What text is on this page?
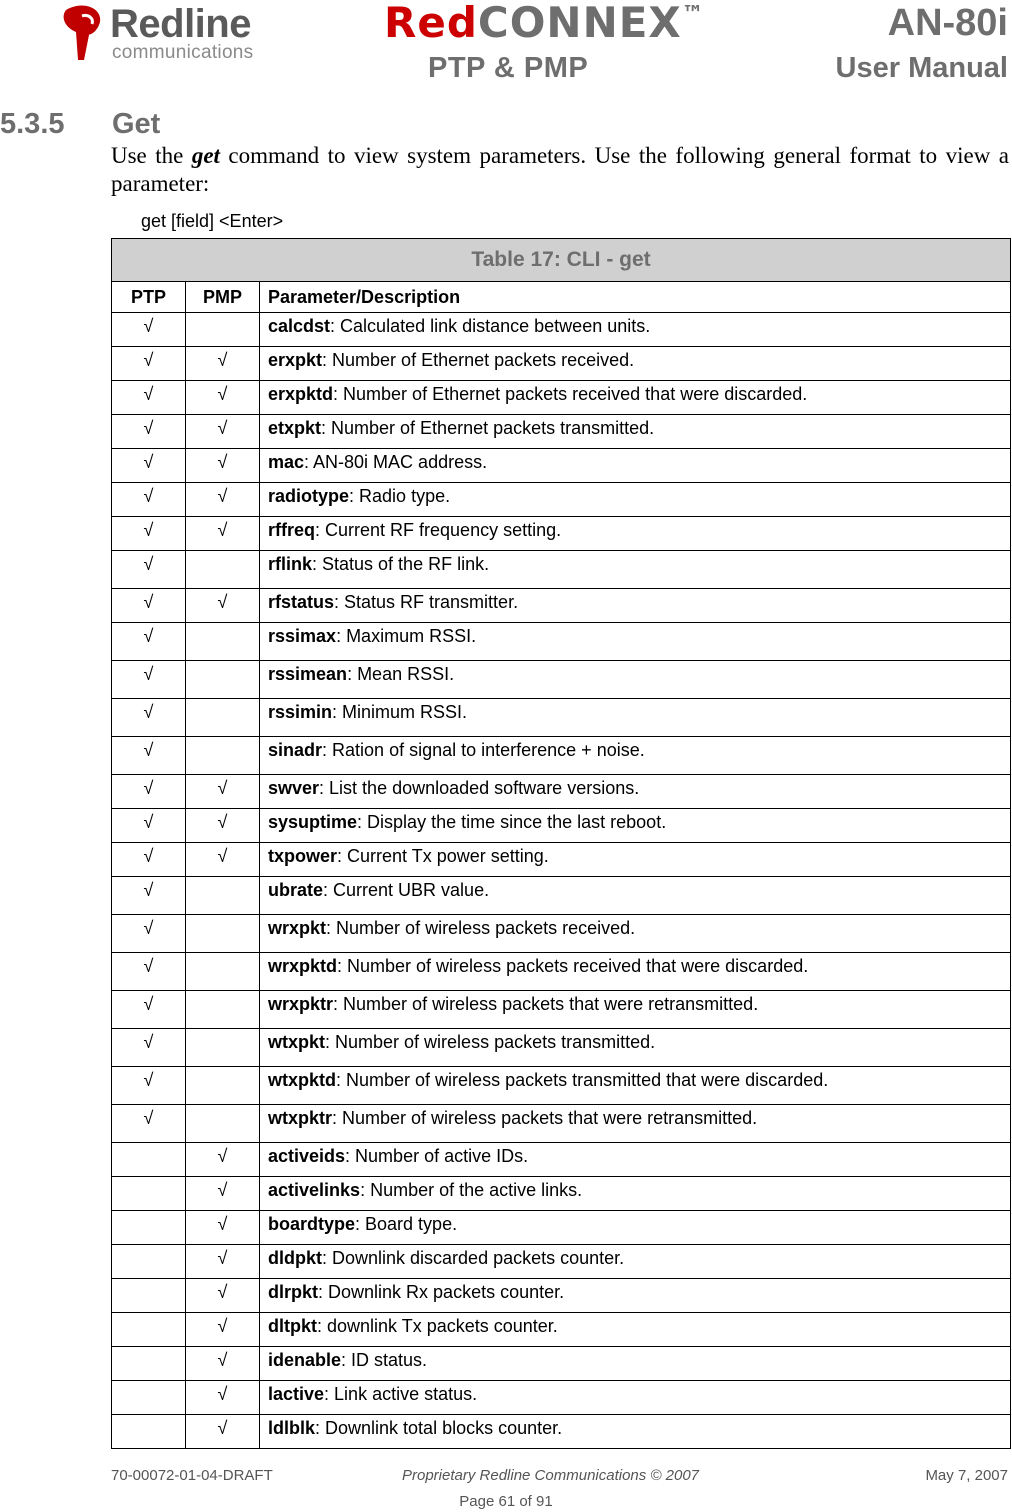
Redline
communications
RedCONNEX™	AN-80i
PTP & PMP	User Manual
5.3.5 Get
Use the get command to view system parameters. Use the following general format to view a parameter:
get [field] <Enter>
Table 17: CLI - get		
PTP	PMP	Parameter/Description
√		calcdst: Calculated link distance between units.
√	√	erxpkt: Number of Ethernet packets received.
√	√	erxpktd: Number of Ethernet packets received that were discarded.
√	√	etxpkt: Number of Ethernet packets transmitted.
√	√	mac: AN-80i MAC address.
√	√	radiotype: Radio type.
√	√	rffreq: Current RF frequency setting.
√		rflink: Status of the RF link.
√	√	rfstatus: Status RF transmitter.
√		rssimax: Maximum RSSI.
√		rssimean: Mean RSSI.
√		rssimin: Minimum RSSI.
√		sinadr: Ration of signal to interference + noise.
√	√	swver: List the downloaded software versions.
√	√	sysuptime: Display the time since the last reboot.
√	√	txpower: Current Tx power setting.
√		ubrate: Current UBR value.
√		wrxpkt: Number of wireless packets received.
√		wrxpktd: Number of wireless packets received that were discarded.
√		wrxpktr: Number of wireless packets that were retransmitted.
√		wtxpkt: Number of wireless packets transmitted.
√		wtxpktd: Number of wireless packets transmitted that were discarded.
√		wtxpktr: Number of wireless packets that were retransmitted.
	√	activeids: Number of active IDs.
	√	activelinks: Number of the active links.
	√	boardtype: Board type.
	√	dldpkt: Downlink discarded packets counter.
	√	dlrpkt: Downlink Rx packets counter.
	√	dltpkt: downlink Tx packets counter.
	√	idenable: ID status.
	√	lactive: Link active status.
	√	ldlblk: Downlink total blocks counter.
70-00072-01-04-DRAFT	Proprietary Redline Communications © 2007	May 7, 2007
Page 61 of 91
